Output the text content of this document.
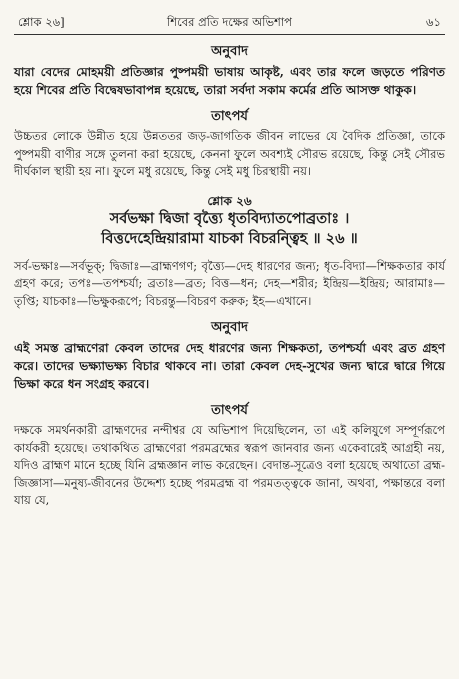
শ্লোক ২৬]	শিবের প্রতি দক্ষের অভিশাপ	৬১
অনুবাদ

যারা বেদের মোহময়ী প্রতিজ্ঞার পুষ্পময়ী ভাষায় আকৃষ্ট, এবং তার ফলে জড়তে পরিণত হয়ে শিবের প্রতি বিদ্বেষভাবাপন্ন হয়েছে, তারা সর্বদা সকাম কর্মের প্রতি আসক্ত থাকুক।

তাৎপর্য

উচ্চতর লোকে উন্নীত হয়ে উন্নততর জড়-জাগতিক জীবন লাভের যে বৈদিক প্রতিজ্ঞা, তাকে পুষ্পময়ী বাণীর সঙ্গে তুলনা করা হয়েছে, কেননা ফুলে অবশ্যই সৌরভ রয়েছে, কিন্তু সেই সৌরভ দীর্ঘকাল স্থায়ী হয় না। ফুলে মধু রয়েছে, কিন্তু সেই মধু চিরস্থায়ী নয়।

শ্লোক ২৬

সর্বভক্ষা দ্বিজা বৃত্ত্যৈ ধৃতবিদ্যাতপোব্রতাঃ ।

বিত্তদেহেন্দ্রিয়ারামা যাচকা বিচরন্ত্বিহ ॥ ২৬ ॥

সর্ব-ভক্ষাঃ—সর্বভূক্; দ্বিজাঃ—ব্রাহ্মণগণ; বৃত্ত্যৈ—দেহ ধারণের জন্য; ধৃত-বিদ্যা—শিক্ষকতার কার্য গ্রহণ করে; তপঃ—তপশ্চর্যা; ব্রতাঃ—ব্রত; বিত্ত—ধন; দেহ—শরীর; ইন্দ্রিয়—ইন্দ্রিয়; আরামাঃ—তৃপ্তি; যাচকাঃ—ভিক্ষুকরূপে; বিচরন্তু—বিচরণ করুক; ইহ—এখানে।

অনুবাদ

এই সমস্ত ব্রাহ্মণেরা কেবল তাদের দেহ ধারণের জন্য শিক্ষকতা, তপশ্চর্যা এবং ব্রত গ্রহণ করে। তাদের ভক্ষ্যাভক্ষ্য বিচার থাকবে না। তারা কেবল দেহ-সুখের জন্য দ্বারে দ্বারে গিয়ে ভিক্ষা করে ধন সংগ্রহ করবে।

তাৎপর্য

দক্ষকে সমর্থনকারী ব্রাহ্মণদের নন্দীশ্বর যে অভিশাপ দিয়েছিলেন, তা এই কলিযুগে সম্পূর্ণরূপে কার্যকরী হয়েছে। তথাকথিত ব্রাহ্মণেরা পরমব্রহ্মের স্বরূপ জানবার জন্য একেবারেই আগ্রহী নয়, যদিও ব্রাহ্মণ মানে হচ্ছে যিনি ব্রহ্মজ্ঞান লাভ করেছেন। বেদান্ত-সূত্রেও বলা হয়েছে অথাতো ব্রহ্ম-জিজ্ঞাসা—মনুষ্য-জীবনের উদ্দেশ্য হচ্ছে পরমব্রহ্ম বা পরমতত্ত্বকে জানা, অথবা, পক্ষান্তরে বলা যায় যে,
